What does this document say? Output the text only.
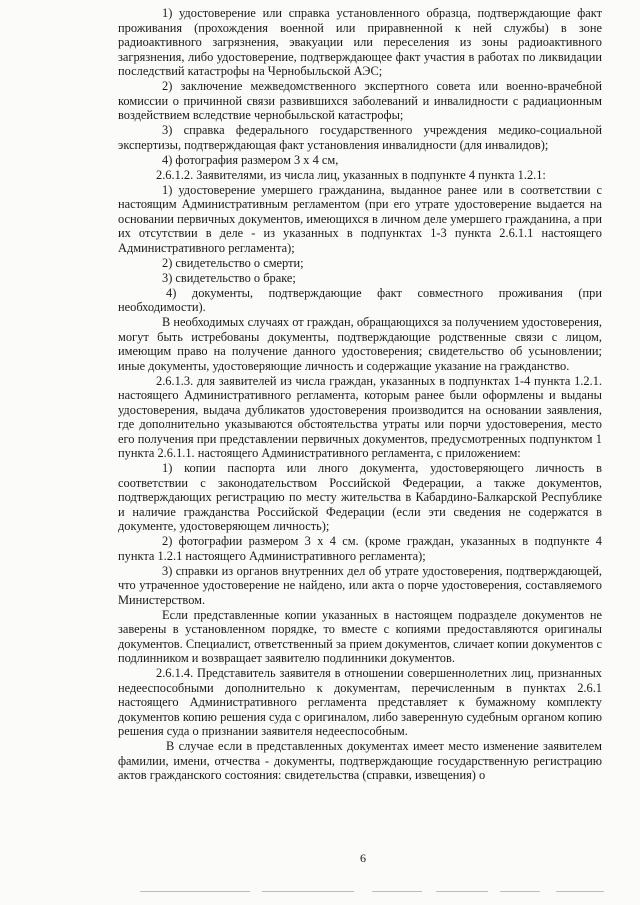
1) удостоверение или справка установленного образца, подтверждающие факт проживания (прохождения военной или приравненной к ней службы) в зоне радиоактивного загрязнения, эвакуации или переселения из зоны радиоактивного загрязнения, либо удостоверение, подтверждающее факт участия в работах по ликвидации последствий катастрофы на Чернобыльской АЭС;

2) заключение межведомственного экспертного совета или военно-врачебной комиссии о причинной связи развившихся заболеваний и инвалидности с радиационным воздействием вследствие чернобыльской катастрофы;

3) справка федерального государственного учреждения медико-социальной экспертизы, подтверждающая факт установления инвалидности (для инвалидов);

4) фотография размером 3 х 4 см,

2.6.1.2. Заявителями, из числа лиц, указанных в подпункте 4 пункта 1.2.1:

1) удостоверение умершего гражданина, выданное ранее или в соответствии с настоящим Административным регламентом (при его утрате удостоверение выдается на основании первичных документов, имеющихся в личном деле умершего гражданина, а при их отсутствии в деле - из указанных в подпунктах 1-3 пункта 2.6.1.1 настоящего Административного регламента);

2) свидетельство о смерти;

3) свидетельство о браке;

4) документы, подтверждающие факт совместного проживания (при необходимости).

В необходимых случаях от граждан, обращающихся за получением удостоверения, могут быть истребованы документы, подтверждающие родственные связи с лицом, имеющим право на получение данного удостоверения; свидетельство об усыновлении; иные документы, удостоверяющие личность и содержащие указание на гражданство.

2.6.1.3. для заявителей из числа граждан, указанных в подпунктах 1-4 пункта 1.2.1. настоящего Административного регламента, которым ранее были оформлены и выданы удостоверения, выдача дубликатов удостоверения производится на основании заявления, где дополнительно указываются обстоятельства утраты или порчи удостоверения, место его получения при представлении первичных документов, предусмотренных подпунктом 1 пункта 2.6.1.1. настоящего Административного регламента, с приложением:

1) копии паспорта или лного документа, удостоверяющего личность в соответствии с законодательством Российской Федерации, а также документов, подтверждающих регистрацию по месту жительства в Кабардино-Балкарской Республике и наличие гражданства Российской Федерации (если эти сведения не содержатся в документе, удостоверяющем личность);

2) фотографии размером 3 х 4 см. (кроме граждан, указанных в подпункте 4 пункта 1.2.1 настоящего Административного регламента);

3) справки из органов внутренних дел об утрате удостоверения, подтверждающей, что утраченное удостоверение не найдено, или акта о порче удостоверения, составляемого Министерством.

Если представленные копии указанных в настоящем подразделе документов не заверены в установленном порядке, то вместе с копиями предоставляются оригиналы документов. Специалист, ответственный за прием документов, сличает копии документов с подлинником и возвращает заявителю подлинники документов.

2.6.1.4. Представитель заявителя в отношении совершеннолетних лиц, признанных недееспособными дополнительно к документам, перечисленным в пунктах 2.6.1 настоящего Административного регламента представляет к бумажному комплекту документов копию решения суда с оригиналом, либо заверенную судебным органом копию решения суда о признании заявителя недееспособным.

В случае если в представленных документах имеет место изменение заявителем фамилии, имени, отчества - документы, подтверждающие государственную регистрацию актов гражданского состояния: свидетельства (справки, извещения) о

6
